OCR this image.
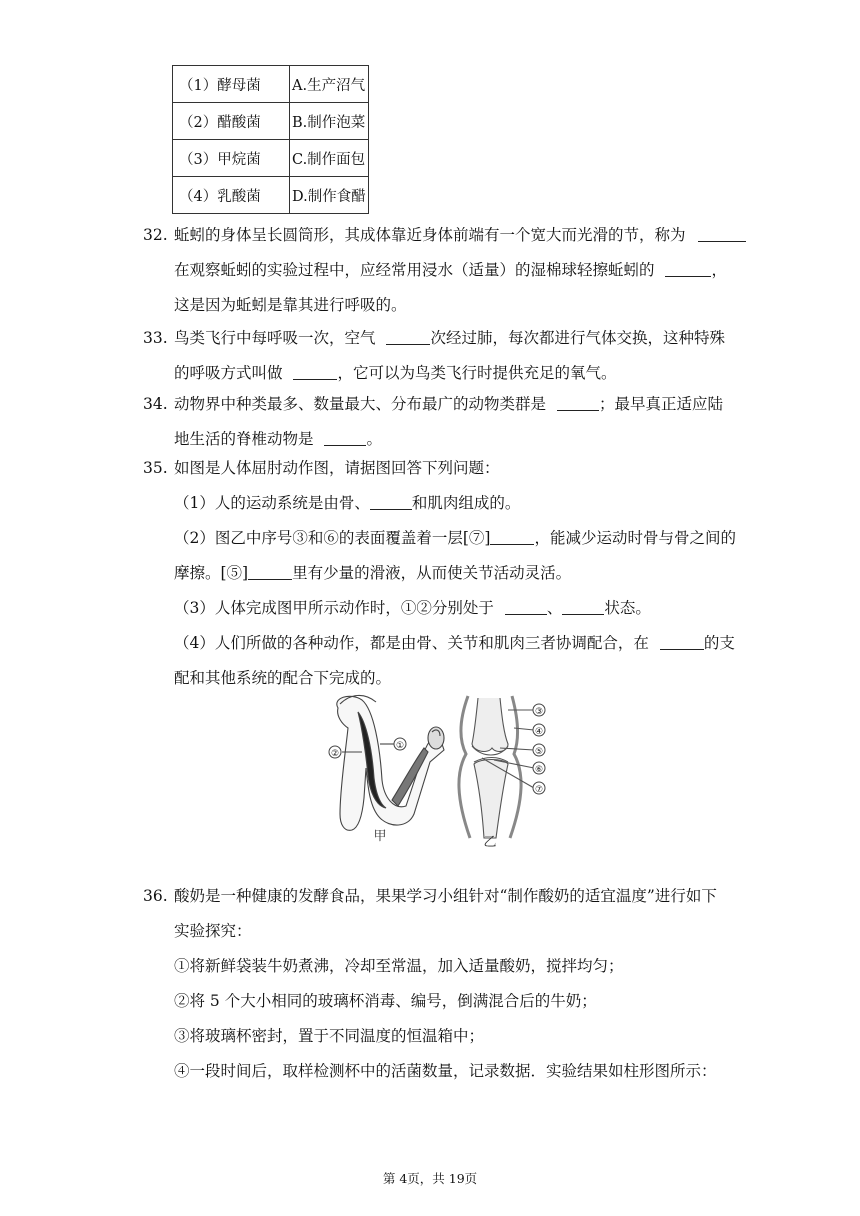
（1）酵母菌	A.生产沼气
（2）醋酸菌	B.制作泡菜
（3）甲烷菌	C.制作面包
（4）乳酸菌	D.制作食醋
32. 蚯蚓的身体呈长圆筒形，其成体靠近身体前端有一个宽大而光滑的节，称为
在观察蚯蚓的实验过程中，应经常用浸水（适量）的湿棉球轻擦蚯蚓的	，
这是因为蚯蚓是靠其进行呼吸的。
33. 鸟类飞行中每呼吸一次，空气	次经过肺，每次都进行气体交换，这种特殊
的呼吸方式叫做	，它可以为鸟类飞行时提供充足的氧气。
34. 动物界中种类最多、数量最大、分布最广的动物类群是	；最早真正适应陆
地生活的脊椎动物是	。
35. 如图是人体屈肘动作图，请据图回答下列问题：
（1）人的运动系统是由骨、	和肌肉组成的。
（2）图乙中序号③和⑥的表面覆盖着一层[⑦]	，能减少运动时骨与骨之间的
摩擦。[⑤]	里有少量的滑液，从而使关节活动灵活。
（3）人体完成图甲所示动作时，①②分别处于	、	状态。
（4）人们所做的各种动作，都是由骨、关节和肌肉三者协调配合，在	的支
配和其他系统的配合下完成的。
①
②
③
④
⑤
⑥
⑦
甲	乙
36. 酸奶是一种健康的发酵食品，果果学习小组针对“制作酸奶的适宜温度”进行如下
实验探究：
①将新鲜袋装牛奶煮沸，冷却至常温，加入适量酸奶，搅拌均匀；
②将 5 个大小相同的玻璃杯消毒、编号，倒满混合后的牛奶；
③将玻璃杯密封，置于不同温度的恒温箱中；
④一段时间后，取样检测杯中的活菌数量，记录数据．实验结果如柱形图所示：
第 4页，共 19页
